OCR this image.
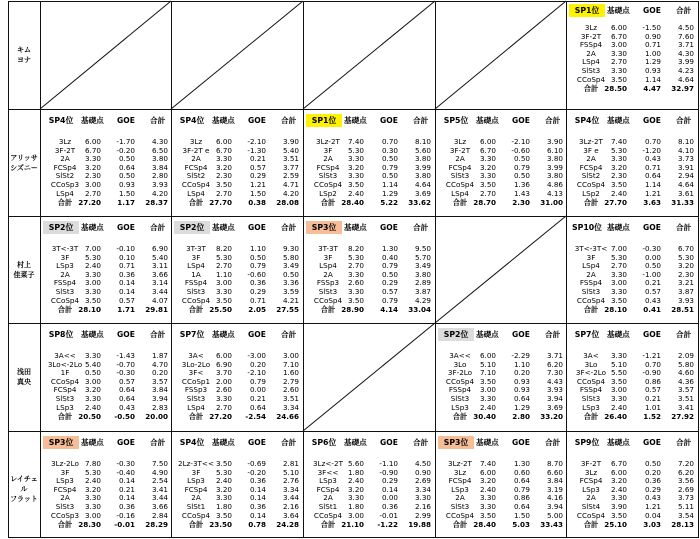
キム
ヨナ
SP1位	基礎点 GOE 合計
3Lz	6.00	-1.50	4.50
3F-2T	6.70	0.90	7.60
FSSp4	3.00	0.71	3.71
2A	3.30	1.00	4.30
LSp4	2.70	1.29	3.99
SlSt3	3.30	0.93	4.23
CCoSp4 3.50	1.14	4.64
合計 28.50	4.47	32.97
アリッサ
シズニー
SP4位	基礎点 GOE 合計
3Lz	6.00	-1.70	4.30
3F-2T	6.70	-0.20	6.50
2A	3.30	0.50	3.80
FCSp4	3.20	0.64	3.84
SlSt2	2.30	0.50	2.80
CCoSp3 3.00	0.93	3.93
LSp4	2.70	1.50	4.20
合計 27.20	1.17	28.37
SP4位	基礎点 GOE 合計
3Lz	6.00	-2.10	3.90
3F-2T e 6.70	-1.30	5.40
2A	3.30	0.21	3.51
FCSp4	3.20	0.57	3.77
SlSt2	2.30	0.29	2.59
CCoSp4 3.50	1.21	4.71
LSp4	2.70	1.50	4.20
合計 27.70	0.38	28.08
SP1位	基礎点 GOE 合計
3Lz-2T	7.40	0.70	8.10
3F	5.30	0.30	5.60
2A	3.30	0.50	3.80
FCSp4	3.20	0.79	3.99
SlSt3	3.30	0.50	3.80
CCoSp4 3.50	1.14	4.64
LSp2	2.40	1.29	3.69
合計 28.40	5.22	33.62
SP5位	基礎点 GOE 合計
3Lz	6.00	-2.10	3.90
3F-2T	6.70	-0.60	6.10
2A	3.30	0.50	3.80
FCSp4	3.20	0.79	3.99
SlSt3	3.30	0.50	3.80
CCoSp4 3.50	1.36	4.86
LSp4	2.70	1.43	4.13
合計 28.70	2.30	31.00
SP4位	基礎点 GOE 合計
3Lz-2T	7.40	0.70	8.10
3F e	5.30	-1.20	4.10
2A	3.30	0.43	3.73
FCSp4	3.20	0.71	3.91
SlSt2	2.30	0.64	2.94
CCoSp4 3.50	1.14	4.64
LSp2	2.40	1.21	3.61
合計 27.70	3.63	31.33
村上
佳菜子
SP2位	基礎点 GOE 合計
3T<-3T 7.00	-0.10	6.90
3F	5.30	0.10	5.40
LSp3	2.40	0.71	3.11
2A	3.30	0.36	3.66
FSSp4	3.00	0.14	3.14
SlSt3	3.30	0.14	3.44
CCoSp4 3.50	0.57	4.07
合計 28.10	1.71	29.81
SP2位	基礎点 GOE 合計
3T-3T	8.20	1.10	9.30
3F	5.30	0.50	5.80
LSp4	2.70	0.79	3.49
1A	1.10	-0.60	0.50
FSSp4	3.00	0.36	3.36
SlSt3	3.30	0.29	3.59
CCoSp4 3.50	0.71	4.21
合計 25.50	2.05	27.55
SP3位	基礎点 GOE 合計
3T-3T	8.20	1.30	9.50
3F	5.30	0.40	5.70
LSp4	2.70	0.79	3.49
2A	3.30	0.50	3.80
FSSp3	2.60	0.29	2.89
SlSt3	3.30	0.57	3.87
CCoSp4 3.50	0.79	4.29
合計 28.90	4.14	33.04
SP10位 基礎点 GOE 合計
3T<-3T< 7.00	-0.30	6.70
3F	5.30	0.00	5.30
LSp4	2.70	0.50	3.20
2A	3.30	-1.00	2.30
FSSp4	3.00	0.21	3.21
SlSt3	3.30	0.57	3.87
CCoSp4 3.50	0.43	3.93
合計 28.10	0.41	28.51
浅田
真央
SP8位	基礎点 GOE 合計
3A<<	3.30	-1.43	1.87
3Lo<-2Lo 5.40	-0.70	4.70
1F	0.50	-0.30	0.20
CCoSp4 3.00	0.57	3.57
FCSp4	3.20	0.64	3.84
SlSt3	3.30	0.64	3.94
LSp3	2.40	0.43	2.83
合計 20.50	-0.50	20.00
SP7位	基礎点 GOE 合計
3A<	6.00	-3.00	3.00
3Lo-2Lo 6.90	0.20	7.10
3F<	3.70	-2.10	1.60
CCoSp1 2.00	0.79	2.79
FSSp3	2.60	0.00	2.60
SlSt3	3.30	0.21	3.51
LSp4	2.70	0.64	3.34
合計 27.20	-2.54	24.66
SP2位	基礎点 GOE 合計
3A<<	6.00	-2.29	3.71
3Lo	5.10	1.10	6.20
3F-2Lo	7.10	0.20	7.30
CCoSp4 3.50	0.93	4.43
FSSp4	3.00	0.93	3.93
SlSt3	3.30	0.64	3.94
LSp3	2.40	1.29	3.69
合計 30.40	2.80	33.20
SP7位	基礎点 GOE 合計
3A<	3.30	-1.21	2.09
3Lo	5.10	0.70	5.80
3F<-2Lo 5.50	-0.90	4.60
CCoSp4 3.50	0.86	4.36
FSSp4	3.00	0.57	3.57
SlSt3	3.30	0.21	3.51
LSp3	2.40	1.01	3.41
合計 26.40	1.52	27.92
レイチェル
フラット
SP3位	基礎点 GOE 合計
3Lz-2Lo 7.80	-0.30	7.50
3F	5.30	-0.40	4.90
LSp3	2.40	0.14	2.54
FCSp4	3.20	0.21	3.41
2A	3.30	0.14	3.44
SlSt3	3.30	0.36	3.66
CCoSp3 3.00	-0.16	2.84
合計 28.30	-0.01	28.29
SP4位	基礎点 GOE 合計
2Lz-3T<< 3.50	-0.69	2.81
3F	5.30	-0.20	5.10
LSp3	2.40	0.36	2.76
FCSp4	3.20	0.14	3.34
2A	3.30	0.14	3.44
SlSt1	1.80	0.36	2.16
CCoSp4 3.50	0.14	3.64
合計 23.50	0.78	24.28
SP6位	基礎点 GOE 合計
3Lz<-2T 5.60	-1.10	4.50
3F<<	1.80	-0.90	0.90
LSp3	2.40	0.29	2.69
FCSp4	3.20	0.14	3.34
2A	3.30	0.00	3.30
SlSt1	1.80	0.36	2.16
CCoSp4 3.00	-0.01	2.99
合計 21.10	-1.22	19.88
SP3位	基礎点 GOE 合計
3Lz-2T	7.40	1.30	8.70
3Lz	6.00	0.60	6.60
FCSp4	3.20	0.64	3.84
LSp3	2.40	0.79	3.19
2A	3.30	0.86	4.16
SlSt3	3.30	0.64	3.94
CCoSp4 3.50	1.50	5.00
合計 28.40	5.03	33.43
SP9位	基礎点 GOE 合計
3F-2T	6.70	0.50	7.20
3Lz	6.00	0.20	6.20
FCSp4	3.20	0.36	3.56
LSp3	2.40	0.29	2.69
2A	3.30	0.43	3.73
SlSt4	3.90	1.21	5.11
CCoSp4 3.50	0.04	3.54
合計 25.10	3.03	28.13
